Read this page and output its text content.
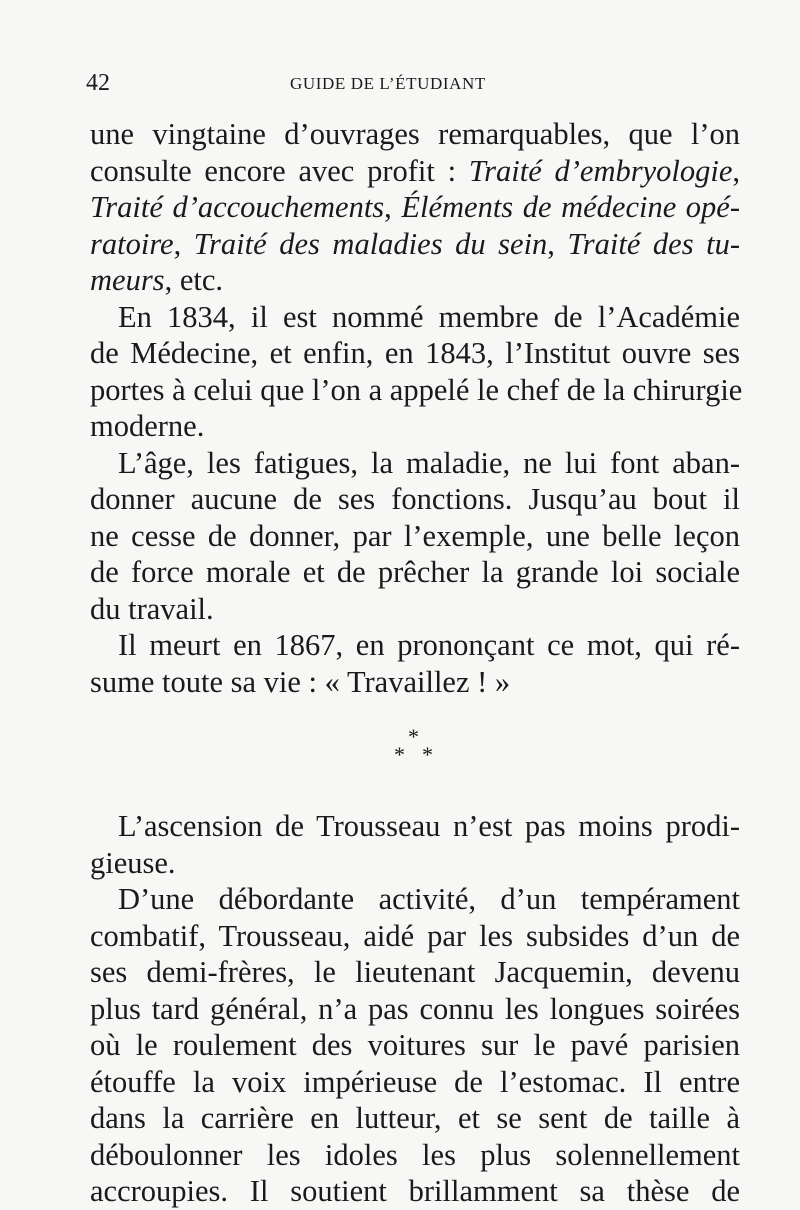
42	GUIDE DE L’ÉTUDIANT
une vingtaine d’ouvrages remarquables, que l’on
consulte encore avec profit : Traité d’embryologie,
Traité d’accouchements, Éléments de médecine opé-
ratoire, Traité des maladies du sein, Traité des tu-
meurs, etc.
En 1834, il est nommé membre de l’Académie
de Médecine, et enfin, en 1843, l’Institut ouvre ses
portes à celui que l’on a appelé le chef de la chirurgie
moderne.
L’âge, les fatigues, la maladie, ne lui font aban-
donner aucune de ses fonctions. Jusqu’au bout il
ne cesse de donner, par l’exemple, une belle leçon
de force morale et de prêcher la grande loi sociale
du travail.
Il meurt en 1867, en prononçant ce mot, qui ré-
sume toute sa vie : « Travaillez ! »
*
* *
L’ascension de Trousseau n’est pas moins prodi-
gieuse.
D’une débordante activité, d’un tempérament
combatif, Trousseau, aidé par les subsides d’un de
ses demi-frères, le lieutenant Jacquemin, devenu
plus tard général, n’a pas connu les longues soirées
où le roulement des voitures sur le pavé parisien
étouffe la voix impérieuse de l’estomac. Il entre
dans la carrière en lutteur, et se sent de taille à
déboulonner les idoles les plus solennellement
accroupies. Il soutient brillamment sa thèse de
